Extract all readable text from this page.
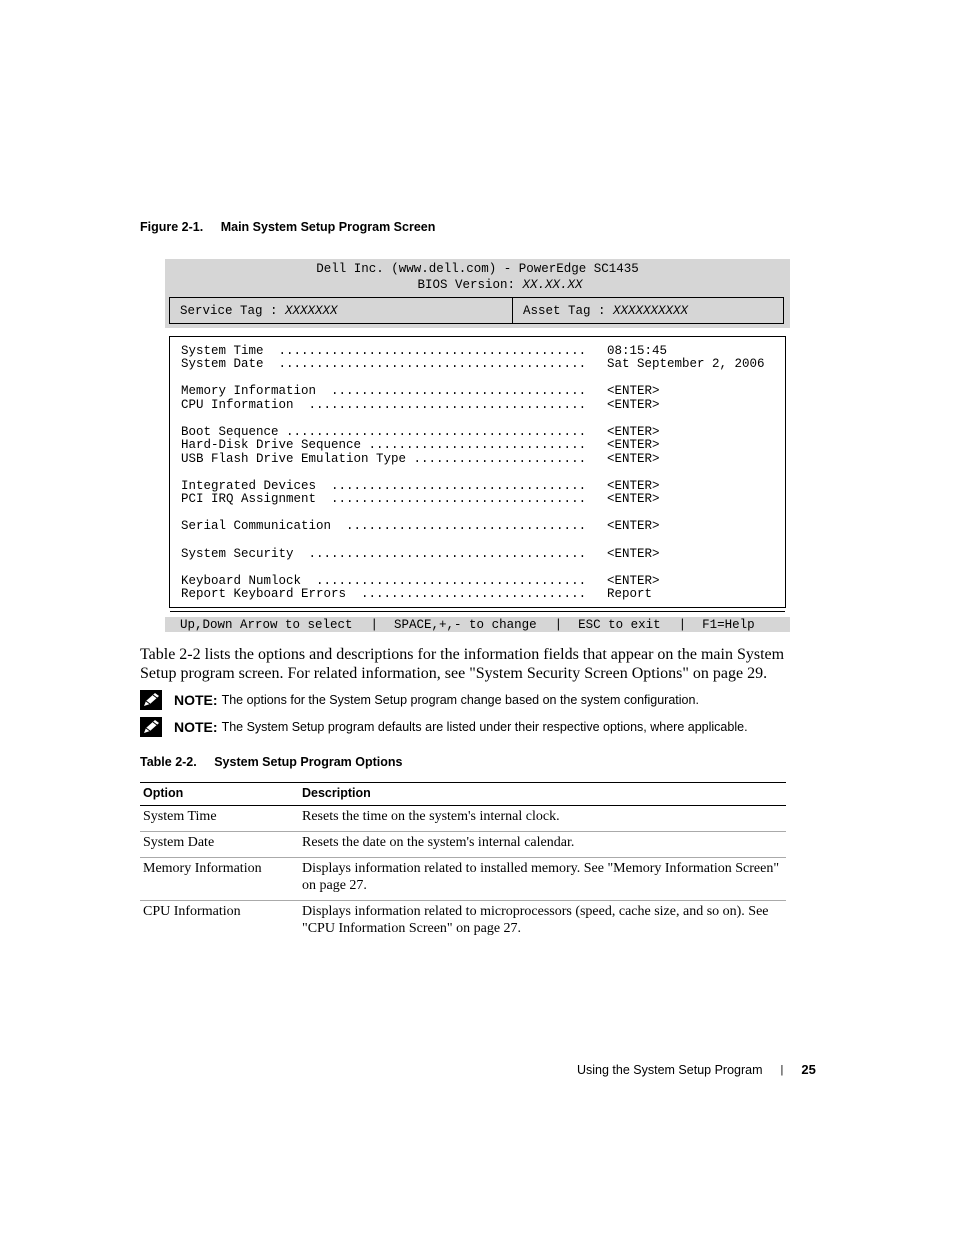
Figure 2-1. Main System Setup Program Screen
Dell Inc. (www.dell.com) - PowerEdge SC1435
BIOS Version: XX.XX.XX
Service Tag : XXXXXXX	Asset Tag : XXXXXXXXXX
System Time  ......................................... 08:15:45
System Date  ......................................... Sat September 2, 2006
Memory Information  .................................. <ENTER>
CPU Information  ..................................... <ENTER>
Boot Sequence ........................................ <ENTER>
Hard-Disk Drive Sequence ............................. <ENTER>
USB Flash Drive Emulation Type ....................... <ENTER>
Integrated Devices  .................................. <ENTER>
PCI IRQ Assignment  .................................. <ENTER>
Serial Communication  ................................ <ENTER>
System Security  ..................................... <ENTER>
Keyboard Numlock  .................................... <ENTER>
Report Keyboard Errors  .............................. Report
Up,Down Arrow to select | SPACE,+,- to change | ESC to exit | F1=Help

Table 2-2 lists the options and descriptions for the information fields that appear on the main System Setup program screen. For related information, see "System Security Screen Options" on page 29.

NOTE: The options for the System Setup program change based on the system configuration.
NOTE: The System Setup program defaults are listed under their respective options, where applicable.
Table 2-2. System Setup Program Options
Option	Description
System Time	Resets the time on the system's internal clock.
System Date	Resets the date on the system's internal calendar.
Memory Information	Displays information related to installed memory. See "Memory Information Screen" on page 27.
CPU Information	Displays information related to microprocessors (speed, cache size, and so on). See "CPU Information Screen" on page 27.
Using the System Setup Program | 25
